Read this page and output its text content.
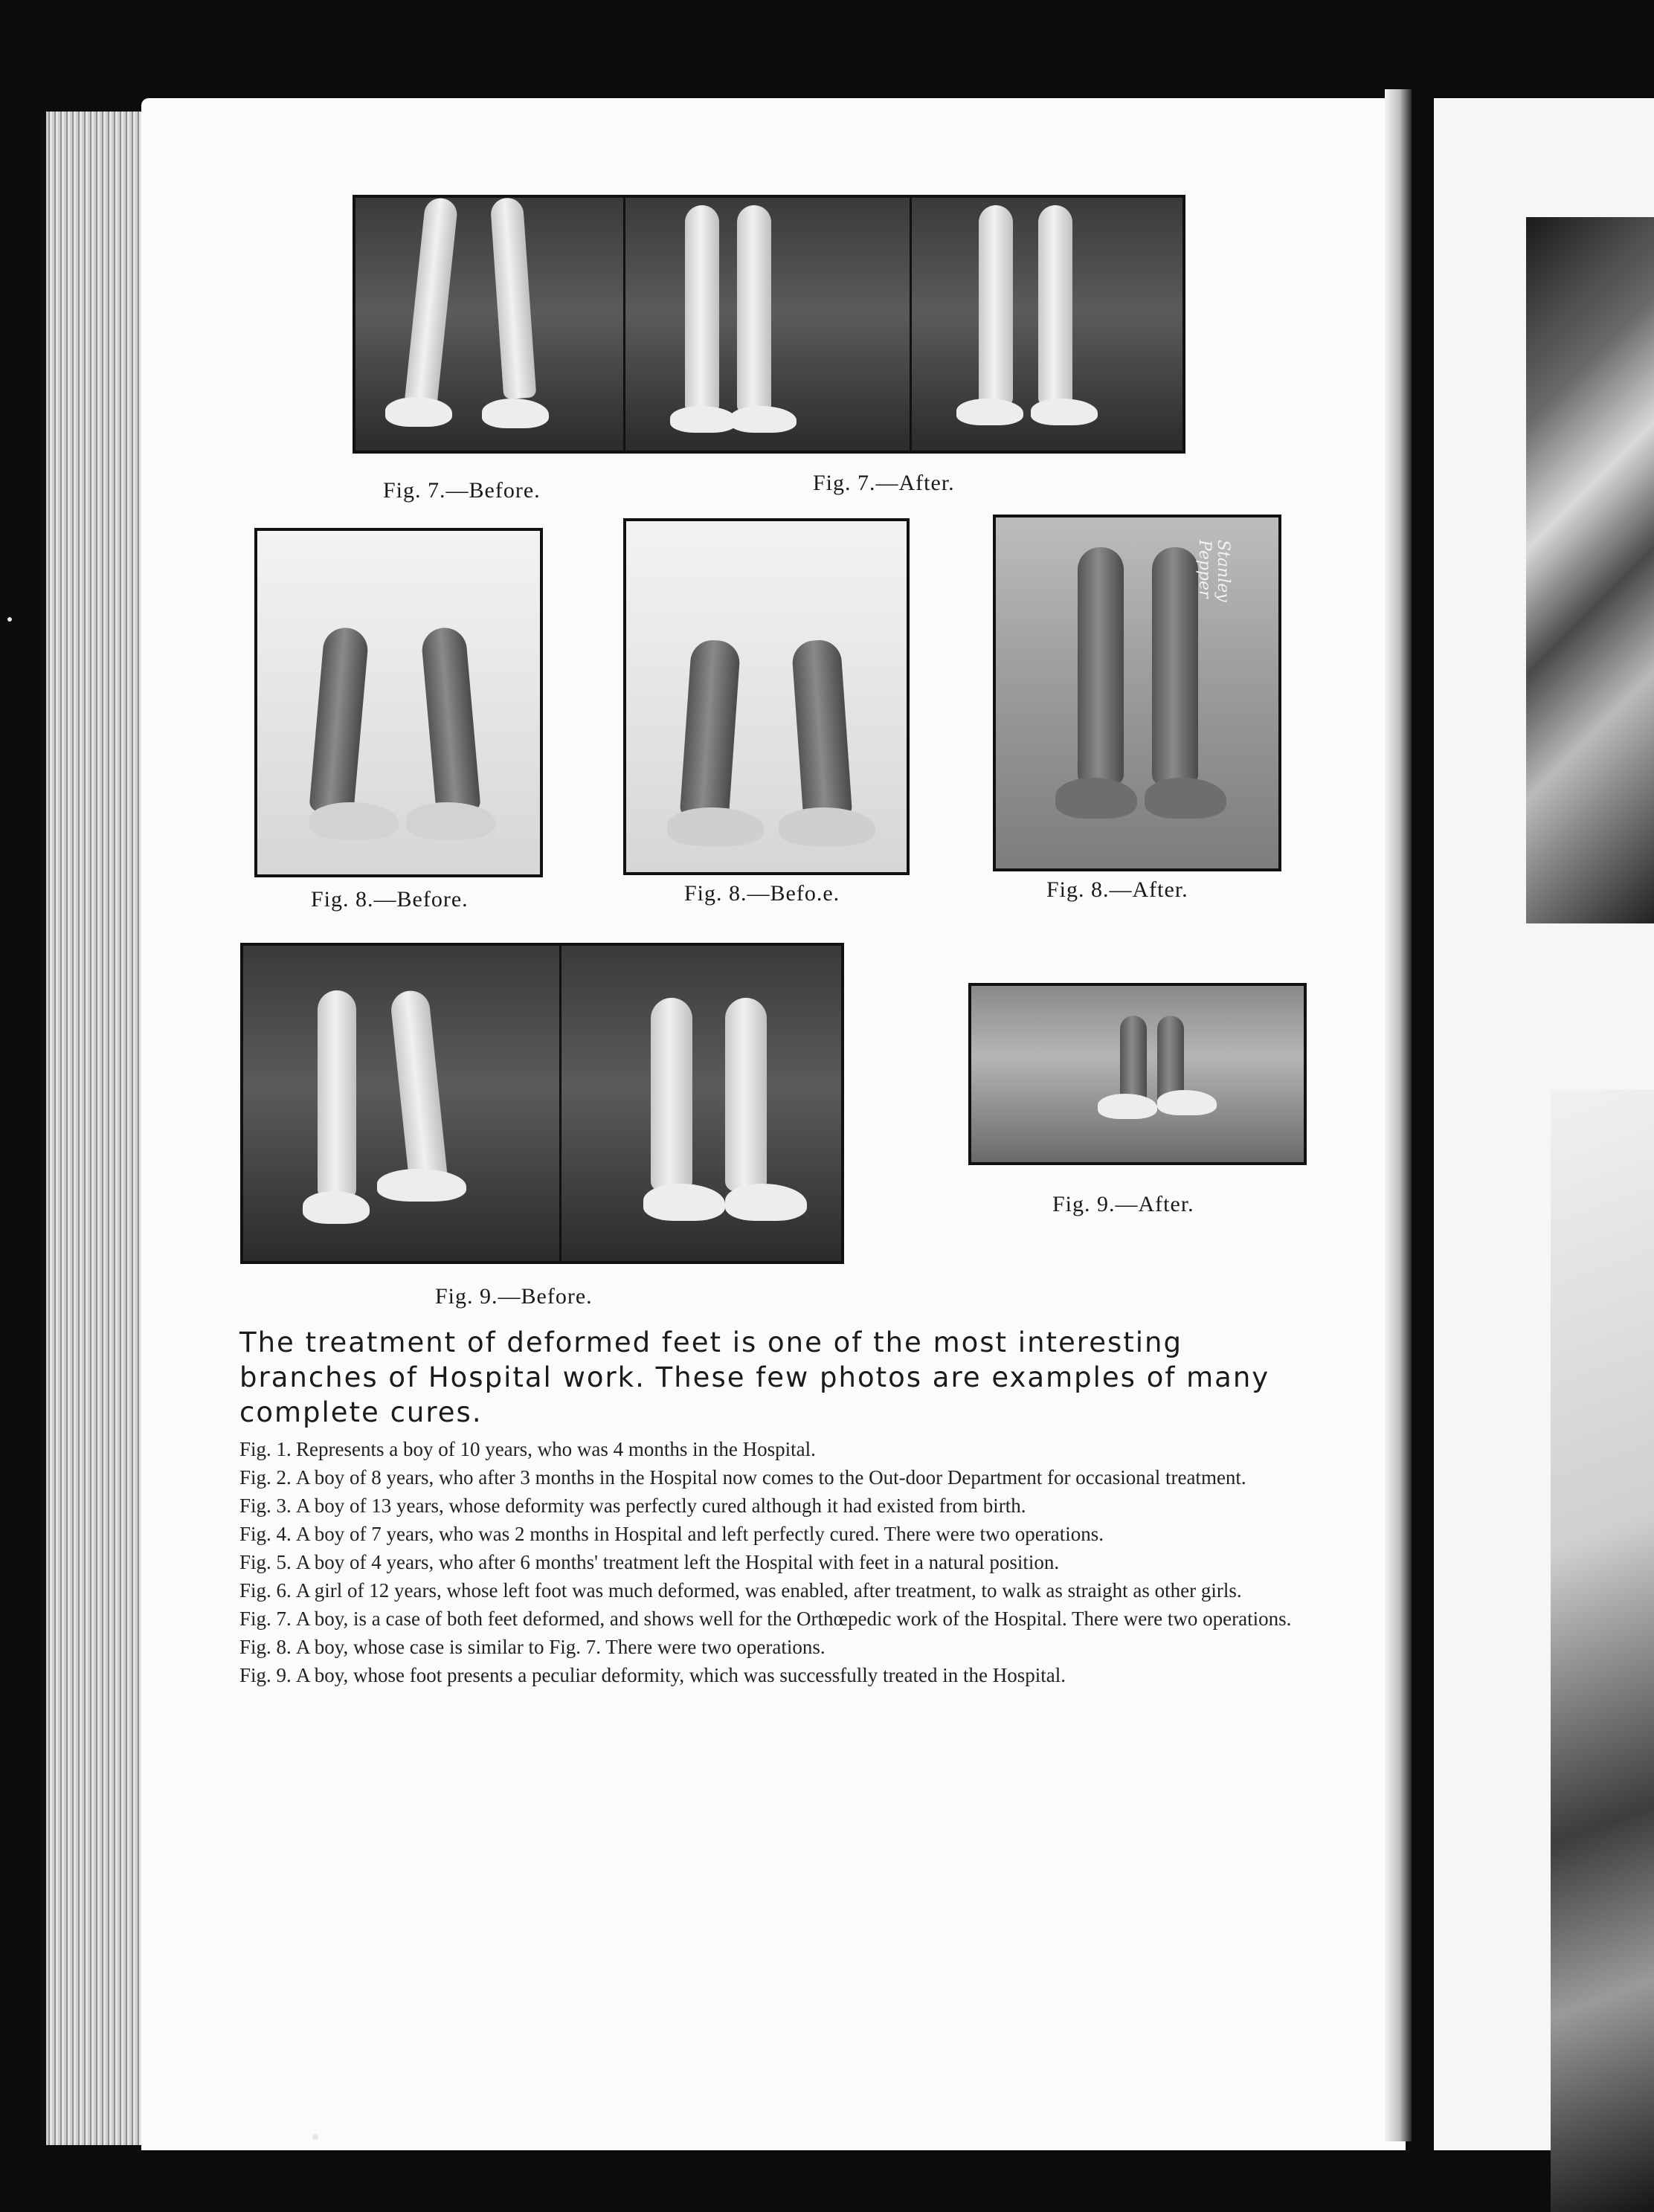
Fig. 7.—Before.	Fig. 7.—After.
Stanley Pepper
Fig. 8.—Before.	Fig. 8.—Befo.e.	Fig. 8.—After.
Fig. 9.—After.
Fig. 9.—Before.
The treatment of deformed feet is one of the most interesting branches of Hospital work. These few photos are examples of many complete cures.
Fig. 1. Represents a boy of 10 years, who was 4 months in the Hospital.
Fig. 2. A boy of 8 years, who after 3 months in the Hospital now comes to the Out-door Department for occasional treatment.
Fig. 3. A boy of 13 years, whose deformity was perfectly cured although it had existed from birth.
Fig. 4. A boy of 7 years, who was 2 months in Hospital and left perfectly cured. There were two operations.
Fig. 5. A boy of 4 years, who after 6 months' treatment left the Hospital with feet in a natural position.
Fig. 6. A girl of 12 years, whose left foot was much deformed, was enabled, after treatment, to walk as straight as other girls.
Fig. 7. A boy, is a case of both feet deformed, and shows well for the Orthœpedic work of the Hospital. There were two operations.
Fig. 8. A boy, whose case is similar to Fig. 7. There were two operations.
Fig. 9. A boy, whose foot presents a peculiar deformity, which was successfully treated in the Hospital.
